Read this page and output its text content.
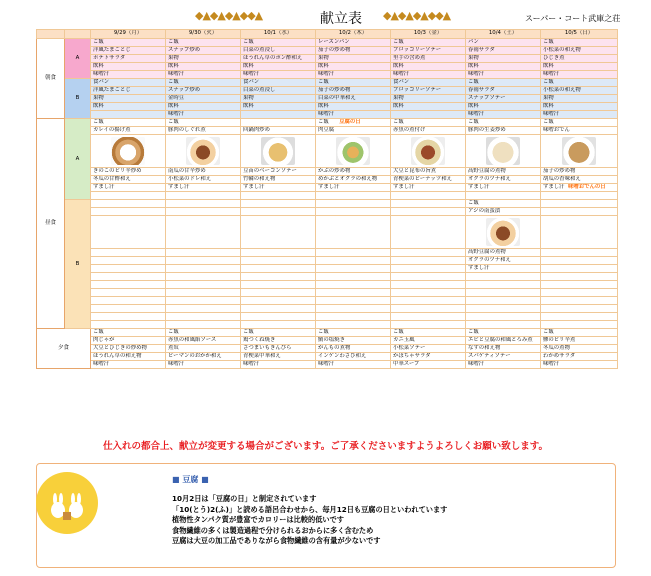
◆▲◆▲◆▲◆◆▲	献立表 ◆▲◆▲◆▲◆◆▲	スーパー・コート武庫之荘
		9/29（月）	9/30（火）	10/1（水）	10/2（木）	10/3（金）	10/4（土）	10/5（日）
朝食	A	ご飯	ご飯	ご飯	レーズンパン	ご飯	パン	ご飯
		洋風たまごとじ	スナップ炒め	白菜の煮浸し	茄子の炒め物	ブロッコリーソテー	春雨サラダ	小松菜の和え物
		ポテトサラダ	果物	ほうれん草のポン酢和え	果物	里芋の含め煮	果物	ひじき煮
		飲料	飲料	飲料	飲料	飲料	飲料	飲料
		味噌汁	味噌汁	味噌汁	味噌汁	味噌汁	味噌汁	味噌汁
	B	食パン	ご飯	食パン	ご飯	食パン	ご飯	ご飯
		洋風たまごとじ	スナップ炒め	白菜の煮浸し	茄子の炒め物	ブロッコリーソテー	春雨サラダ	小松菜の和え物
		果物	金時豆	果物	白菜の中華和え	果物	スナップソテー	果物
		飲料	飲料	飲料	飲料	飲料	飲料	飲料
			味噌汁		味噌汁		味噌汁	味噌汁
昼食	A	ご飯	ご飯		ご飯 豆腐の日	ご飯	ご飯	ご飯
		カレイの揚げ煮	豚肉のしぐれ煮	回鍋肉炒め	肉豆腐	赤魚の煮付け	豚肉の生姜炒め	味噌おでん

		きのこのピリ辛炒め	南瓜の甘辛炒め	豆苗のベーコンソテー	かぶの炒め物	大豆と昆布の旨煮	高野豆腐の煮物	茄子の炒め物
		冬瓜の甘酢和え	小松菜のドレ和え	竹輪の和え物	めかぶとオクラの和え物	青梗菜のピーナッツ和え	オクラのツナ和え	胡瓜の香味和え
		すまし汁	すまし汁	すまし汁	すまし汁	すまし汁	すまし汁	すまし汁 味噌おでんの日

	B						ご飯	
							アジの南蛮漬	

							高野豆腐の煮物	
							オクラのツナ和え	
							すまし汁	

夕食		ご飯	ご飯	ご飯	ご飯	ご飯	ご飯	ご飯
		肉じゃが	赤魚の和風餡ソース	鶏つくね焼き	鯖の塩焼き	カニ玉風	エビと豆腐の和風とろみ煮	鯵のピリ辛煮
		大豆とひじきの炒め物	煮奴	さつまいもきんぴら	がんもの煮物	小松菜ソテー	なすの和え物	冬瓜の煮物
		ほうれん草の和え物	ピーマンのおかか和え	青梗菜中華和え	インゲンわさび和え	かぼちゃサラダ	スパゲティソテー	わかめサラダ
		味噌汁	味噌汁	味噌汁	味噌汁	中華スープ	味噌汁	味噌汁
仕入れの都合上、献立が変更する場合がございます。ご了承くださいますようよろしくお願い致します。
■ 豆腐 ■
10月2日は「豆腐の日」と制定されています
「10(とう)2(ふ)」と読める語呂合わせから、毎月12日も豆腐の日といわれています
植物性タンパク質が豊富でカロリーは比較的低いです
食物繊維の多くは製造過程で分けられるおからに多く含むため
豆腐は大豆の加工品でありながら食物繊維の含有量が少ないです
